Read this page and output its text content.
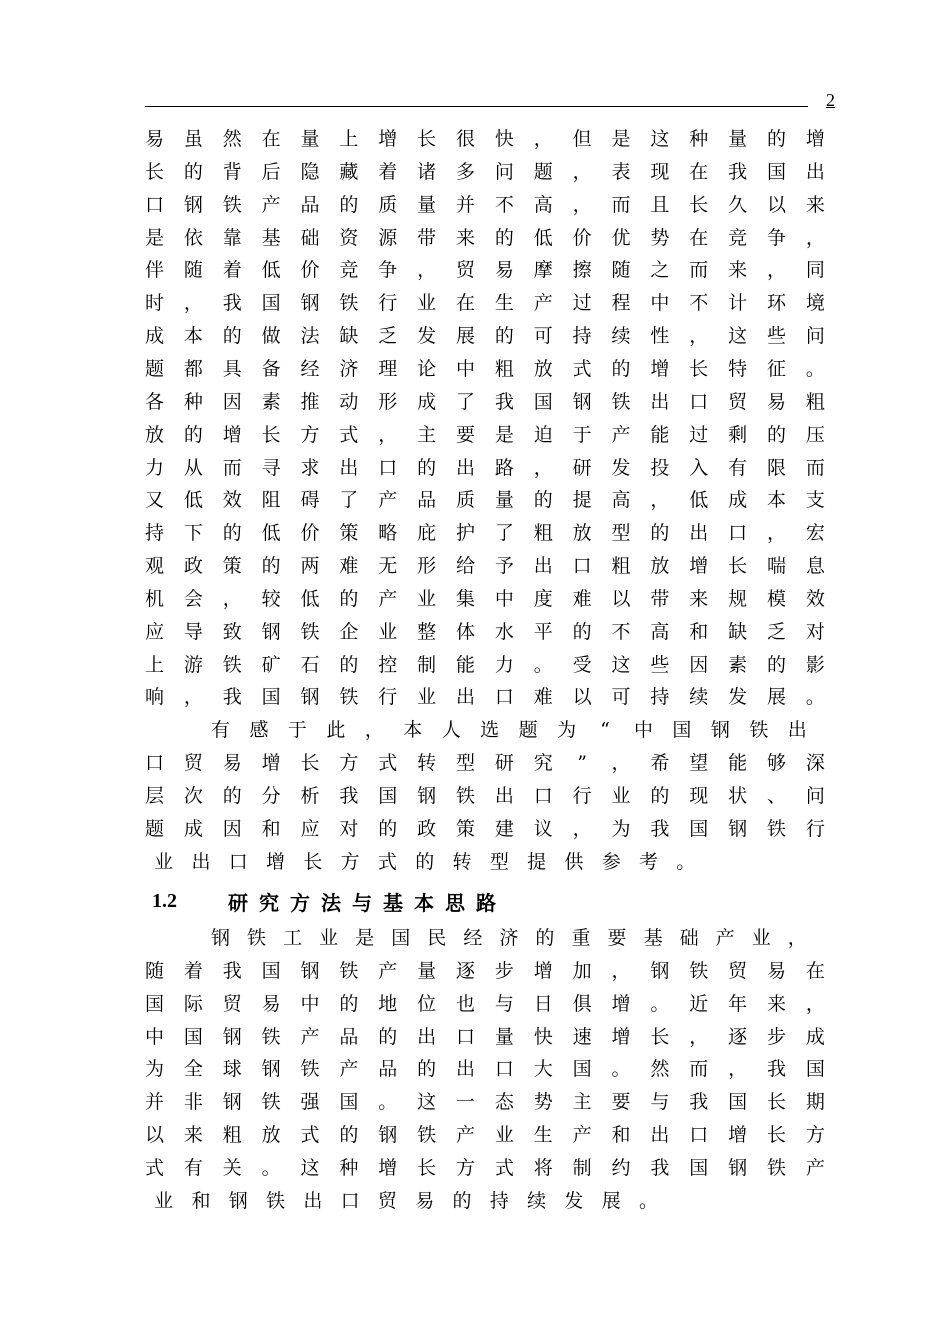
2
易 虽 然 在 量 上 增 长 很 快 ， 但 是 这 种 量 的 增
长 的 背 后 隐 藏 着 诸 多 问 题 ， 表 现 在 我 国 出
口 钢 铁 产 品 的 质 量 并 不 高 ， 而 且 长 久 以 来
是 依 靠 基 础 资 源 带 来 的 低 价 优 势 在 竞 争 ，
伴 随 着 低 价 竞 争 ， 贸 易 摩 擦 随 之 而 来 ， 同
时 ， 我 国 钢 铁 行 业 在 生 产 过 程 中 不 计 环 境
成 本 的 做 法 缺 乏 发 展 的 可 持 续 性 ， 这 些 问
题 都 具 备 经 济 理 论 中 粗 放 式 的 增 长 特 征 。
各 种 因 素 推 动 形 成 了 我 国 钢 铁 出 口 贸 易 粗
放 的 增 长 方 式 ， 主 要 是 迫 于 产 能 过 剩 的 压
力 从 而 寻 求 出 口 的 出 路 ， 研 发 投 入 有 限 而
又 低 效 阻 碍 了 产 品 质 量 的 提 高 ， 低 成 本 支
持 下 的 低 价 策 略 庇 护 了 粗 放 型 的 出 口 ， 宏
观 政 策 的 两 难 无 形 给 予 出 口 粗 放 增 长 喘 息
机 会 ， 较 低 的 产 业 集 中 度 难 以 带 来 规 模 效
应 导 致 钢 铁 企 业 整 体 水 平 的 不 高 和 缺 乏 对
上 游 铁 矿 石 的 控 制 能 力 。 受 这 些 因 素 的 影
响 ， 我 国 钢 铁 行 业 出 口 难 以 可 持 续 发 展 。
有 感 于 此 ， 本 人 选 题 为 “ 中 国 钢 铁 出
口 贸 易 增 长 方 式 转 型 研 究 ” ， 希 望 能 够 深
层 次 的 分 析 我 国 钢 铁 出 口 行 业 的 现 状 、 问
题 成 因 和 应 对 的 政 策 建 议 ， 为 我 国 钢 铁 行
业 出 口 增 长 方 式 的 转 型 提 供 参 考 。
钢 铁 工 业 是 国 民 经 济 的 重 要 基 础 产 业 ，
随 着 我 国 钢 铁 产 量 逐 步 增 加 ， 钢 铁 贸 易 在
国 际 贸 易 中 的 地 位 也 与 日 俱 增 。 近 年 来 ，
中 国 钢 铁 产 品 的 出 口 量 快 速 增 长 ， 逐 步 成
为 全 球 钢 铁 产 品 的 出 口 大 国 。 然 而 ， 我 国
并 非 钢 铁 强 国 。 这 一 态 势 主 要 与 我 国 长 期
以 来 粗 放 式 的 钢 铁 产 业 生 产 和 出 口 增 长 方
式 有 关 。 这 种 增 长 方 式 将 制 约 我 国 钢 铁 产
业 和 钢 铁 出 口 贸 易 的 持 续 发 展 。
1.2	研究方法与基本思路
